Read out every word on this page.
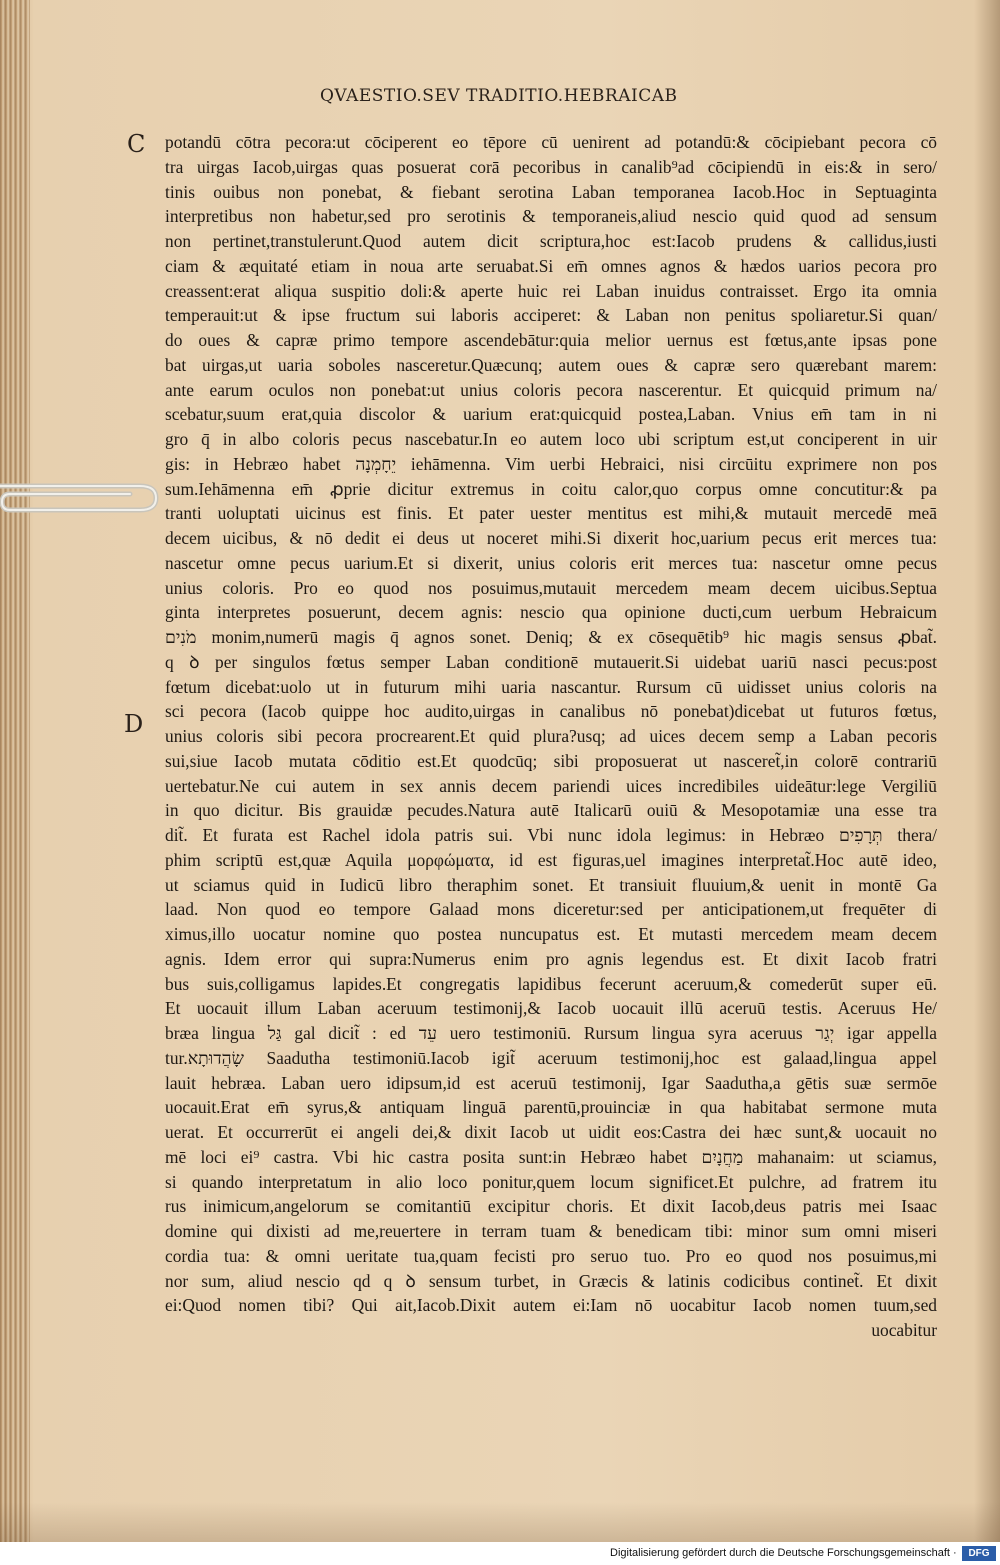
QVAESTIO.SEV TRADITIO.HEBRAICAB
C
D
potandū cōtra pecora:ut cōciperent eo tēpore cū uenirent ad potandū:& cōcipiebant pecora cō
tra uirgas Iacob,uirgas quas posuerat corā pecoribus in canalib⁹ad cōcipiendū in eis:& in sero/
tinis ouibus non ponebat, & fiebant serotina Laban temporanea Iacob.Hoc in Septuaginta
interpretibus non habetur,sed pro serotinis & temporaneis,aliud nescio quid quod ad sensum
non pertinet,transtulerunt.Quod autem dicit scriptura,hoc est:Iacob prudens & callidus,iusti
ciam & æquitaté etiam in noua arte seruabat.Si em̄ omnes agnos & hædos uarios pecora pro
creassent:erat aliqua suspitio doli:& aperte huic rei Laban inuidus contraisset. Ergo ita omnia
temperauit:ut & ipse fructum sui laboris acciperet: & Laban non penitus spoliaretur.Si quan/
do oues & capræ primo tempore ascendebātur:quia melior uernus est fœtus,ante ipsas pone
bat uirgas,ut uaria soboles nasceretur.Quæcunq; autem oues & capræ sero quærebant marem:
ante earum oculos non ponebat:ut unius coloris pecora nascerentur. Et quicquid primum na/
scebatur,suum erat,quia discolor & uarium erat:quicquid postea,Laban. Vnius em̄ tam in ni
gro q̄ in albo coloris pecus nascebatur.In eo autem loco ubi scriptum est,ut conciperent in uir
gis: in Hebræo habet יֵחָמְנָה iehāmenna. Vim uerbi Hebraici, nisi circūitu exprimere non pos
sum.Iehāmenna em̄ ꝓprie dicitur extremus in coitu calor,quo corpus omne concutitur:& pa
tranti uoluptati uicinus est finis. Et pater uester mentitus est mihi,& mutauit mercedē meā
decem uicibus, & nō dedit ei deus ut noceret mihi.Si dixerit hoc,uarium pecus erit merces tua:
nascetur omne pecus uarium.Et si dixerit, unius coloris erit merces tua: nascetur omne pecus
unius coloris. Pro eo quod nos posuimus,mutauit mercedem meam decem uicibus.Septua
ginta interpretes posuerunt, decem agnis: nescio qua opinione ducti,cum uerbum Hebraicum
מֹנִים monim,numerū magis q̄ agnos sonet. Deniq; & ex cōsequētib⁹ hic magis sensus ꝓbat̃.
q ꝺ per singulos fœtus semper Laban conditionē mutauerit.Si uidebat uariū nasci pecus:post
fœtum dicebat:uolo ut in futurum mihi uaria nascantur. Rursum cū uidisset unius coloris na
sci pecora (Iacob quippe hoc audito,uirgas in canalibus nō ponebat)dicebat ut futuros fœtus,
unius coloris sibi pecora procrearent.Et quid plura?usq; ad uices decem semp a Laban pecoris
sui,siue Iacob mutata cōditio est.Et quodcūq; sibi proposuerat ut nasceret̃,in colorē contrariū
uertebatur.Ne cui autem in sex annis decem pariendi uices incredibiles uideātur:lege Vergiliū
in quo dicitur. Bis grauidæ pecudes.Natura autē Italicarū ouiū & Mesopotamiæ una esse tra
dit̃. Et furata est Rachel idola patris sui. Vbi nunc idola legimus: in Hebræo תְּרָפִים thera/
phim scriptū est,quæ Aquila μορφώματα, id est figuras,uel imagines interpretat̃.Hoc autē ideo,
ut sciamus quid in Iudicū libro theraphim sonet. Et transiuit fluuium,& uenit in montē Ga
laad. Non quod eo tempore Galaad mons diceretur:sed per anticipationem,ut frequēter di
ximus,illo uocatur nomine quo postea nuncupatus est. Et mutasti mercedem meam decem
agnis. Idem error qui supra:Numerus enim pro agnis legendus est. Et dixit Iacob fratri
bus suis,colligamus lapides.Et congregatis lapidibus fecerunt aceruum,& comederūt super eū.
Et uocauit illum Laban aceruum testimonij,& Iacob uocauit illū aceruū testis. Aceruus He/
bræa lingua גַּל gal dicit̃ : ed עֵד uero testimoniū. Rursum lingua syra aceruus יְגַר igar appella
tur.שָׂהֲדוּתָא Saadutha testimoniū.Iacob igit̃ aceruum testimonij,hoc est galaad,lingua appel
lauit hebræa. Laban uero idipsum,id est aceruū testimonij, Igar Saadutha,a gētis suæ sermōe
uocauit.Erat em̄ syrus,& antiquam linguā parentū,prouinciæ in qua habitabat sermone muta
uerat. Et occurrerūt ei angeli dei,& dixit Iacob ut uidit eos:Castra dei hæc sunt,& uocauit no
mē loci ei⁹ castra. Vbi hic castra posita sunt:in Hebræo habet מַחֲנָיִם mahanaim: ut sciamus,
si quando interpretatum in alio loco ponitur,quem locum significet.Et pulchre, ad fratrem itu
rus inimicum,angelorum se comitantiū excipitur choris. Et dixit Iacob,deus patris mei Isaac
domine qui dixisti ad me,reuertere in terram tuam & benedicam tibi: minor sum omni miseri
cordia tua: & omni ueritate tua,quam fecisti pro seruo tuo. Pro eo quod nos posuimus,mi
nor sum, aliud nescio qd q ꝺ sensum turbet, in Græcis & latinis codicibus continet̃. Et dixit
ei:Quod nomen tibi? Qui ait,Iacob.Dixit autem ei:Iam nō uocabitur Iacob nomen tuum,sed
uocabitur
Digitalisierung gefördert durch die Deutsche Forschungsgemeinschaft ·	DFG
